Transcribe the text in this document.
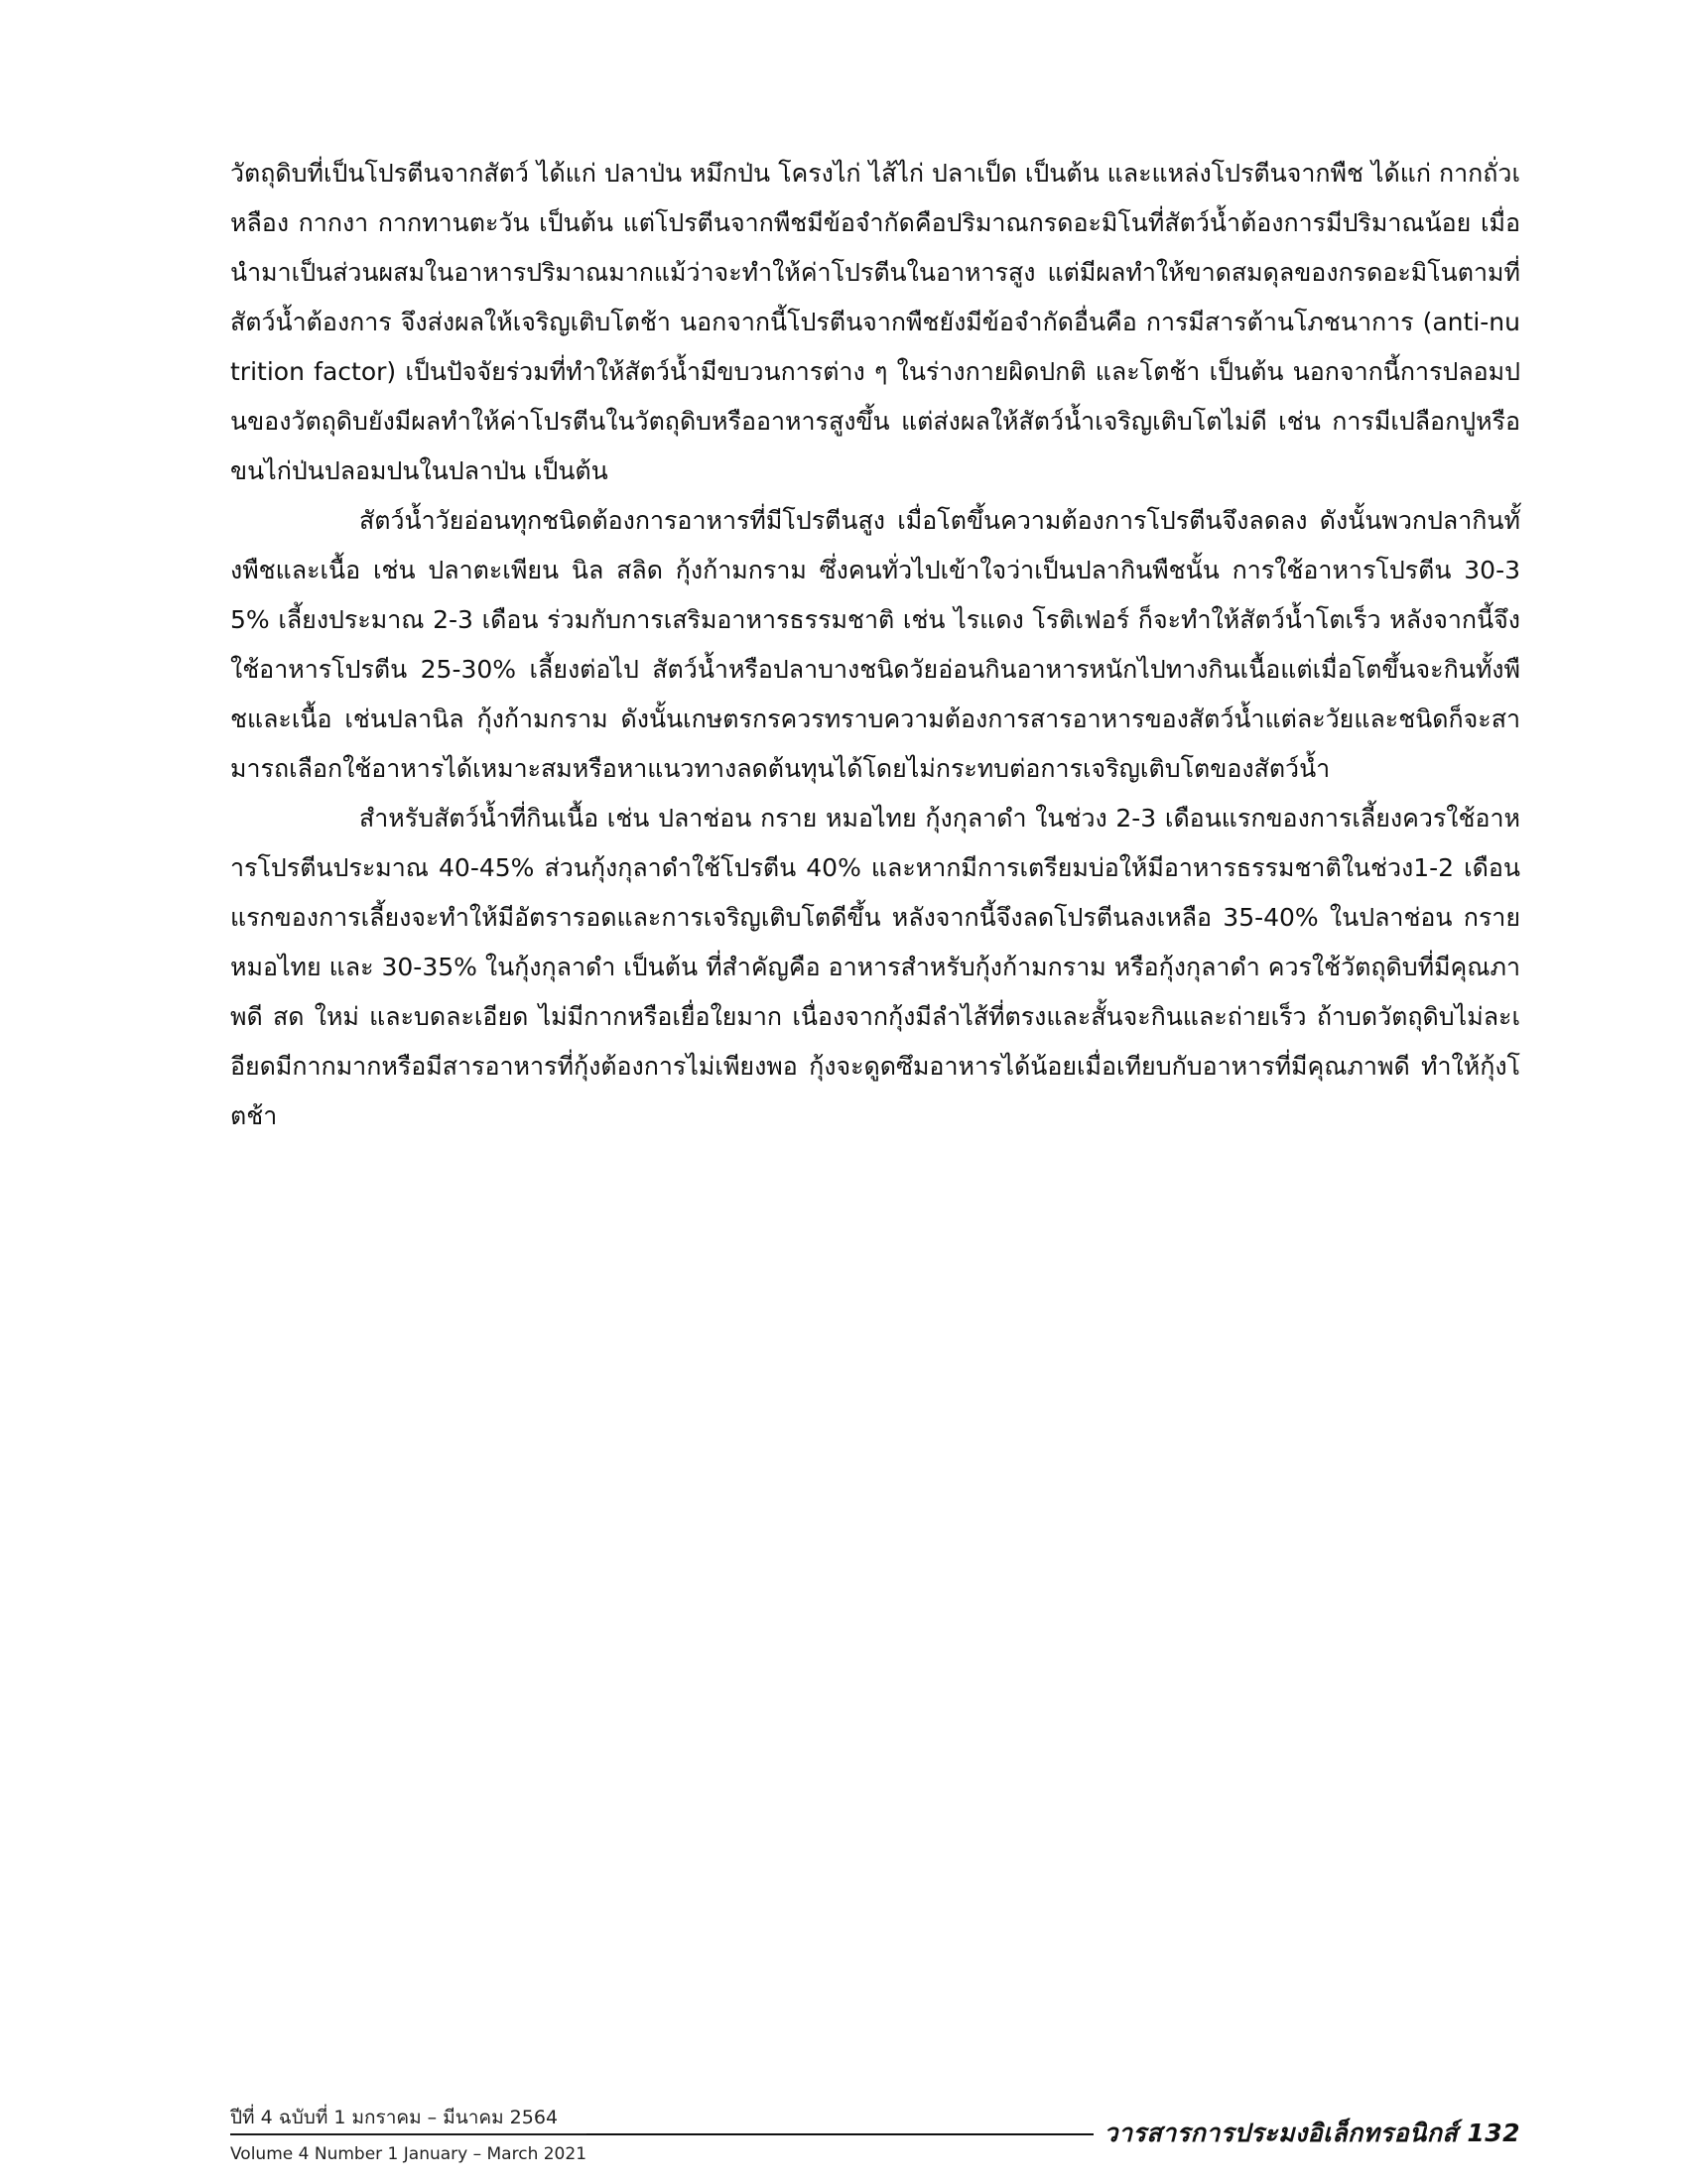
วัตถุดิบที่เป็นโปรตีนจากสัตว์ ได้แก่ ปลาป่น หมึกป่น โครงไก่ ไส้ไก่ ปลาเป็ด เป็นต้น และแหล่งโปรตีนจากพืช ได้แก่ กากถั่วเหลือง กากงา กากทานตะวัน เป็นต้น แต่โปรตีนจากพืชมีข้อจำกัดคือปริมาณกรดอะมิโนที่สัตว์น้ำต้องการมีปริมาณน้อย เมื่อนำมาเป็นส่วนผสมในอาหารปริมาณมากแม้ว่าจะทำให้ค่าโปรตีนในอาหารสูง แต่มีผลทำให้ขาดสมดุลของกรดอะมิโนตามที่สัตว์น้ำต้องการ จึงส่งผลให้เจริญเติบโตช้า นอกจากนี้โปรตีนจากพืชยังมีข้อจำกัดอื่นคือ การมีสารต้านโภชนาการ (anti-nutrition factor) เป็นปัจจัยร่วมที่ทำให้สัตว์น้ำมีขบวนการต่าง ๆ ในร่างกายผิดปกติ และโตช้า เป็นต้น นอกจากนี้การปลอมปนของวัตถุดิบยังมีผลทำให้ค่าโปรตีนในวัตถุดิบหรืออาหารสูงขึ้น แต่ส่งผลให้สัตว์น้ำเจริญเติบโตไม่ดี เช่น การมีเปลือกปูหรือขนไก่ป่นปลอมปนในปลาป่น เป็นต้น

สัตว์น้ำวัยอ่อนทุกชนิดต้องการอาหารที่มีโปรตีนสูง เมื่อโตขึ้นความต้องการโปรตีนจึงลดลง ดังนั้นพวกปลากินทั้งพืชและเนื้อ เช่น ปลาตะเพียน นิล สลิด กุ้งก้ามกราม ซึ่งคนทั่วไปเข้าใจว่าเป็นปลากินพืชนั้น การใช้อาหารโปรตีน 30-35% เลี้ยงประมาณ 2-3 เดือน ร่วมกับการเสริมอาหารธรรมชาติ เช่น ไรแดง โรติเฟอร์ ก็จะทำให้สัตว์น้ำโตเร็ว หลังจากนี้จึงใช้อาหารโปรตีน 25-30% เลี้ยงต่อไป สัตว์น้ำหรือปลาบางชนิดวัยอ่อนกินอาหารหนักไปทางกินเนื้อแต่เมื่อโตขึ้นจะกินทั้งพืชและเนื้อ เช่นปลานิล กุ้งก้ามกราม ดังนั้นเกษตรกรควรทราบความต้องการสารอาหารของสัตว์น้ำแต่ละวัยและชนิดก็จะสามารถเลือกใช้อาหารได้เหมาะสมหรือหาแนวทางลดต้นทุนได้โดยไม่กระทบต่อการเจริญเติบโตของสัตว์น้ำ

สำหรับสัตว์น้ำที่กินเนื้อ เช่น ปลาช่อน กราย หมอไทย กุ้งกุลาดำ ในช่วง 2-3 เดือนแรกของการเลี้ยงควรใช้อาหารโปรตีนประมาณ 40-45% ส่วนกุ้งกุลาดำใช้โปรตีน 40% และหากมีการเตรียมบ่อให้มีอาหารธรรมชาติในช่วง1-2 เดือนแรกของการเลี้ยงจะทำให้มีอัตรารอดและการเจริญเติบโตดีขึ้น หลังจากนี้จึงลดโปรตีนลงเหลือ 35-40% ในปลาช่อน กราย หมอไทย และ 30-35% ในกุ้งกุลาดำ เป็นต้น ที่สำคัญคือ อาหารสำหรับกุ้งก้ามกราม หรือกุ้งกุลาดำ ควรใช้วัตถุดิบที่มีคุณภาพดี สด ใหม่ และบดละเอียด ไม่มีกากหรือเยื่อใยมาก เนื่องจากกุ้งมีลำไส้ที่ตรงและสั้นจะกินและถ่ายเร็ว ถ้าบดวัตถุดิบไม่ละเอียดมีกากมากหรือมีสารอาหารที่กุ้งต้องการไม่เพียงพอ กุ้งจะดูดซึมอาหารได้น้อยเมื่อเทียบกับอาหารที่มีคุณภาพดี ทำให้กุ้งโตช้า

ปีที่ 4 ฉบับที่ 1 มกราคม – มีนาคม 2564
Volume 4 Number 1 January – March 2021
วารสารการประมงอิเล็กทรอนิกส์ 132
